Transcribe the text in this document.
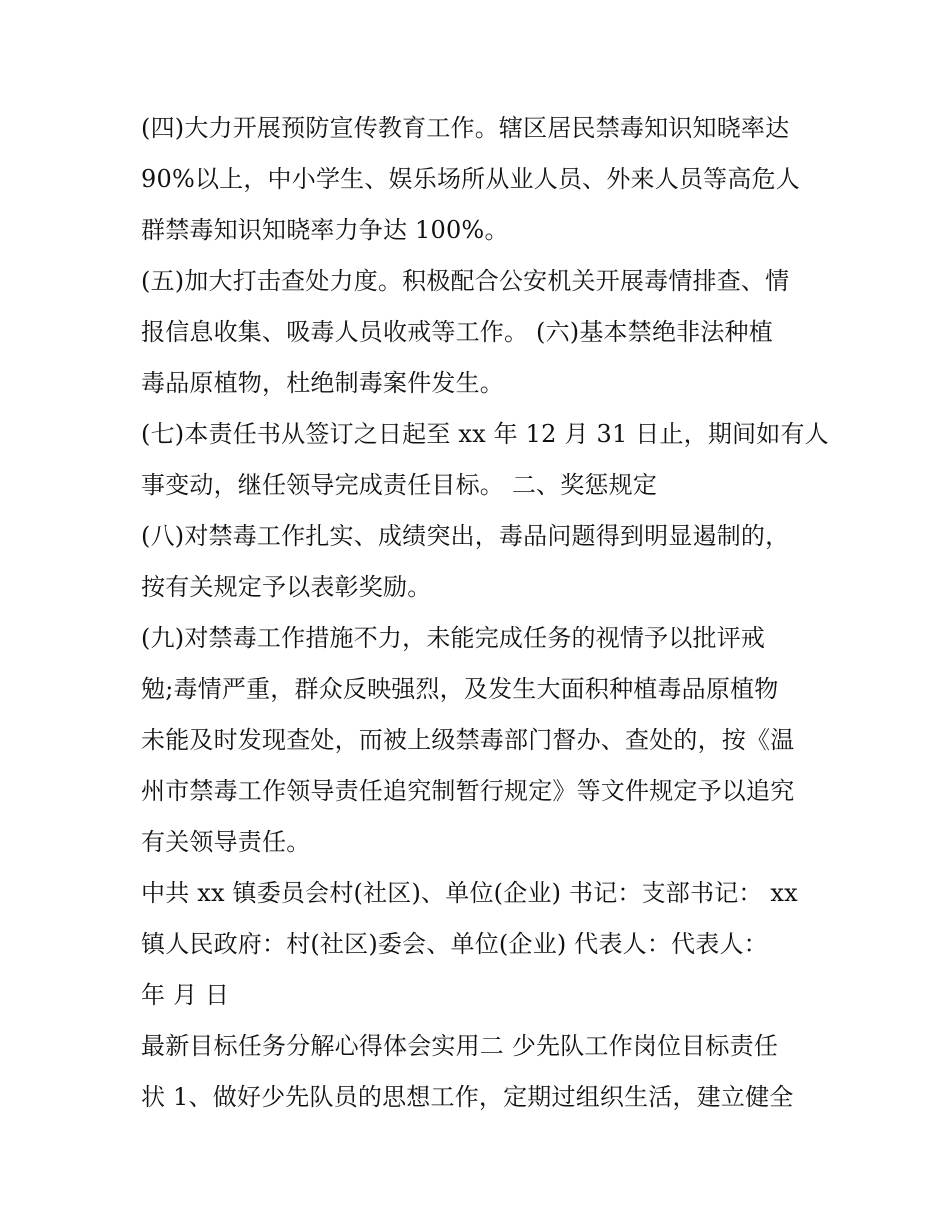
(四)大力开展预防宣传教育工作。辖区居民禁毒知识知晓率达
90%以上，中小学生、娱乐场所从业人员、外来人员等高危人
群禁毒知识知晓率力争达 100%。
(五)加大打击查处力度。积极配合公安机关开展毒情排查、情
报信息收集、吸毒人员收戒等工作。 (六)基本禁绝非法种植
毒品原植物，杜绝制毒案件发生。
(七)本责任书从签订之日起至 xx 年 12 月 31 日止，期间如有人
事变动，继任领导完成责任目标。 二、奖惩规定
(八)对禁毒工作扎实、成绩突出，毒品问题得到明显遏制的，
按有关规定予以表彰奖励。
(九)对禁毒工作措施不力，未能完成任务的视情予以批评戒
勉;毒情严重，群众反映强烈，及发生大面积种植毒品原植物
未能及时发现查处，而被上级禁毒部门督办、查处的，按《温
州市禁毒工作领导责任追究制暂行规定》等文件规定予以追究
有关领导责任。
中共 xx 镇委员会村(社区)、单位(企业) 书记：支部书记： xx
镇人民政府：村(社区)委会、单位(企业) 代表人：代表人：
年 月 日
最新目标任务分解心得体会实用二 少先队工作岗位目标责任
状 1、做好少先队员的思想工作，定期过组织生活，建立健全
